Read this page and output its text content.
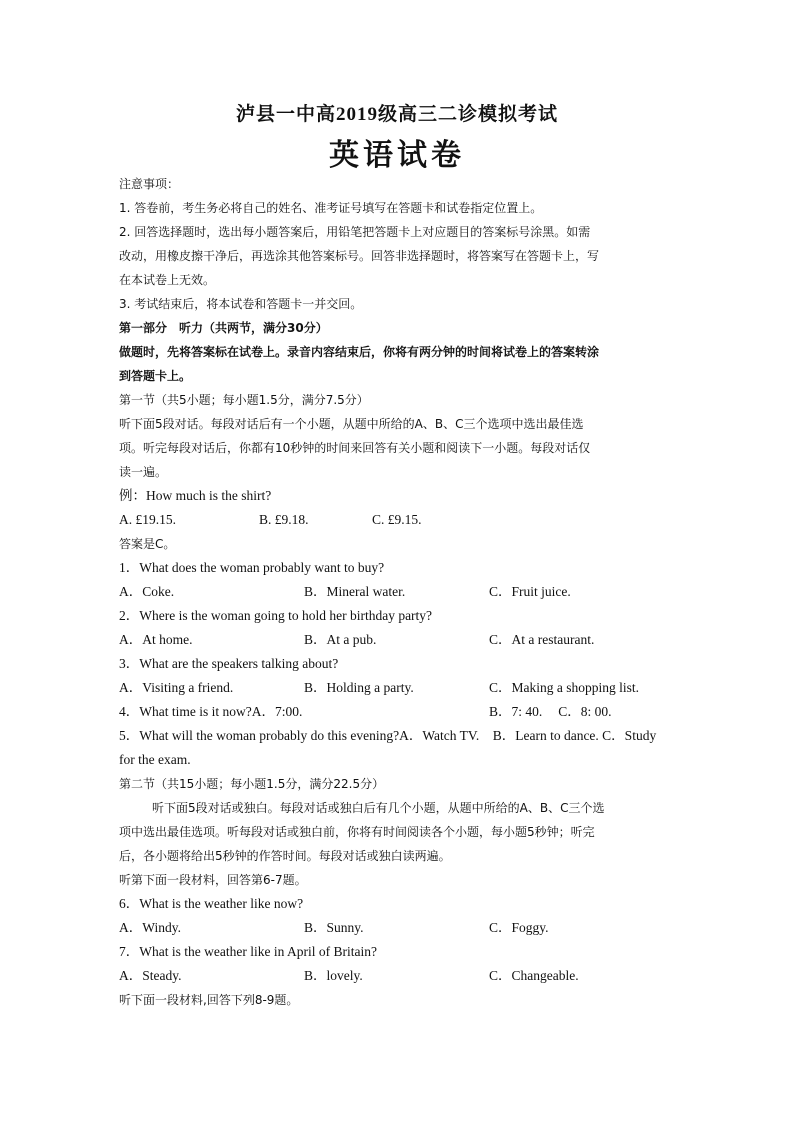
泸县一中高2019级高三二诊模拟考试
英语试卷
注意事项：
1. 答卷前，考生务必将自己的姓名、准考证号填写在答题卡和试卷指定位置上。
2. 回答选择题时，选出每小题答案后，用铅笔把答题卡上对应题目的答案标号涂黑。如需
改动，用橡皮擦干净后，再选涂其他答案标号。回答非选择题时，将答案写在答题卡上，写
在本试卷上无效。
3. 考试结束后，将本试卷和答题卡一并交回。
第一部分　听力（共两节，满分30分）
做题时，先将答案标在试卷上。录音内容结束后，你将有两分钟的时间将试卷上的答案转涂
到答题卡上。
第一节（共5小题；每小题1.5分，满分7.5分）
听下面5段对话。每段对话后有一个小题，从题中所给的A、B、C三个选项中选出最佳选
项。听完每段对话后，你都有10秒钟的时间来回答有关小题和阅读下一小题。每段对话仅
读一遍。
例：How much is the shirt?
A. £19.15.	B. £9.18.	C. £9.15.
答案是C。
1．What does the woman probably want to buy?
A．Coke.	B．Mineral water.	C．Fruit juice.
2．Where is the woman going to hold her birthday party?
A．At home.	B．At a pub.	C．At a restaurant.
3．What are the speakers talking about?
A．Visiting a friend.	B．Holding a party.	C．Making a shopping list.
4．What time is it now?A．7:00.	B．7: 40. C．8: 00.
5．What will the woman probably do this evening?A．Watch TV.　B．Learn to dance. C．Study
for the exam.
第二节（共15小题；每小题1.5分，满分22.5分）
听下面5段对话或独白。每段对话或独白后有几个小题，从题中所给的A、B、C三个选
项中选出最佳选项。听每段对话或独白前，你将有时间阅读各个小题，每小题5秒钟；听完
后，各小题将给出5秒钟的作答时间。每段对话或独白读两遍。
听第下面一段材料，回答第6-7题。
6．What is the weather like now?
A．Windy.	B．Sunny.	C．Foggy.
7．What is the weather like in April of Britain?
A．Steady.	B．lovely.	C．Changeable.
听下面一段材料,回答下列8-9题。
